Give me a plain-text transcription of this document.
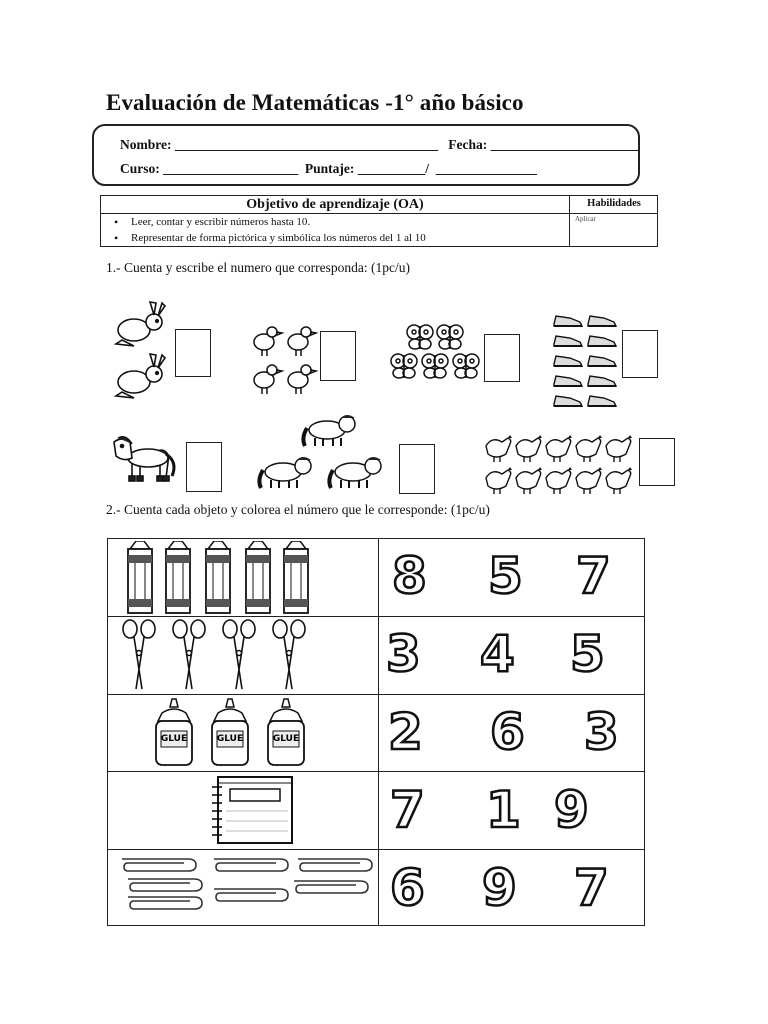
Evaluación de Matemáticas -1° año básico
Nombre: _______________________________________   Fecha: ______________________
Curso: ____________________  Puntaje: __________/  _______________
Objetivo de aprendizaje (OA)	Habilidades
Aplicar
• Leer, contar y escribir números hasta 10.
• Representar de forma pictórica y simbólica los números del 1 al 10
1.- Cuenta y escribe el numero que corresponda: (1pc/u)
2.- Cuenta cada objeto y colorea el número que le corresponde: (1pc/u)
8 5 7
3 4 5
GLUE	GLUE	GLUE 2 6 3
7 1 9
6 9 7
